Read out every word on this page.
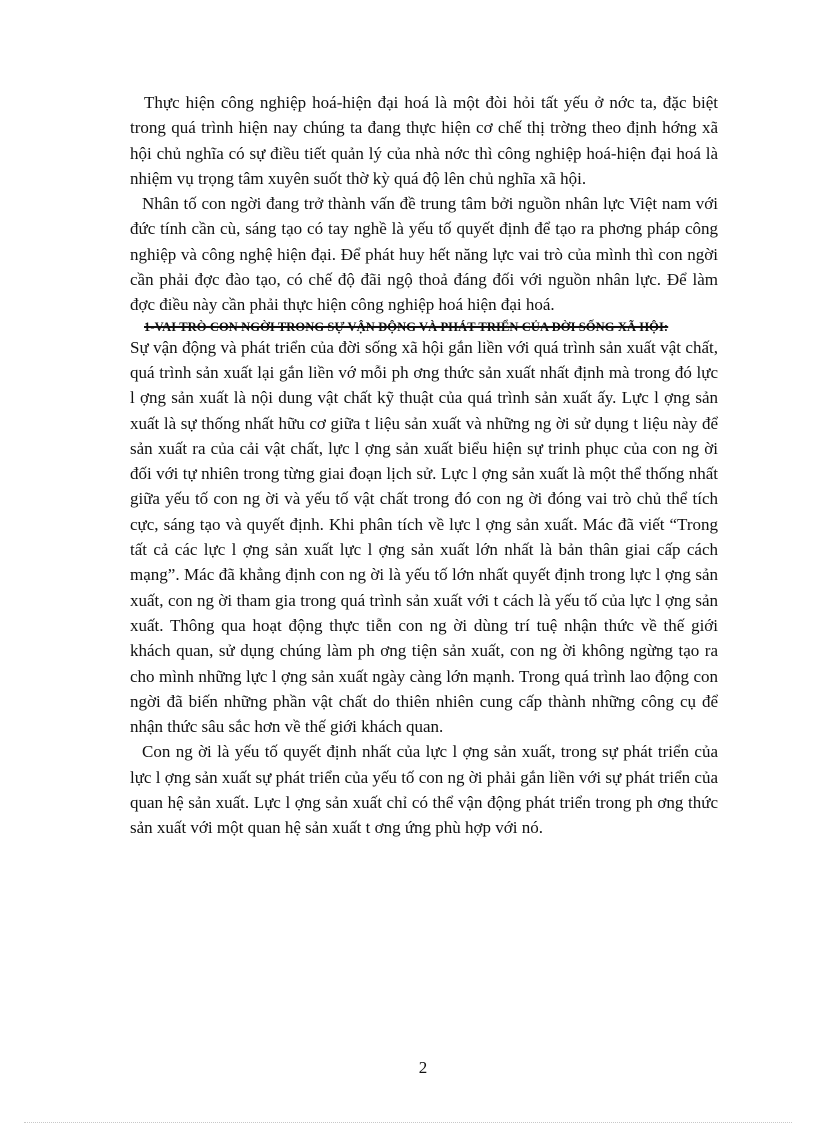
Thực hiện công nghiệp hoá-hiện đại hoá là một đòi hỏi tất yếu ở nớc ta, đặc biệt trong quá trình hiện nay chúng ta đang thực hiện cơ chế thị trờng theo định hớng xã hội chủ nghĩa có sự điều tiết quản lý của nhà nớc thì công nghiệp hoá-hiện đại hoá là nhiệm vụ trọng tâm xuyên suốt thờ kỳ quá độ lên chủ nghĩa xã hội.

Nhân tố con ngời đang trở thành vấn đề trung tâm bởi nguồn nhân lực Việt nam với đức tính cần cù, sáng tạo có tay nghề là yếu tố quyết định để tạo ra phơng pháp công nghiệp và công nghệ hiện đại. Để phát huy hết năng lực vai trò của mình thì con ngời cần phải đợc đào tạo, có chế độ đãi ngộ thoả đáng đối với nguồn nhân lực. Để làm đợc điều này cần phải thực hiện công nghiệp hoá hiện đại hoá.

1-VAI TRÒ CON NGỜI TRONG SỰ VẬN ĐỘNG VÀ PHÁT TRIỂN CỦA ĐỜI SỐNG XÃ HỘI:

Sự vận động và phát triển của đời sống xã hội gắn liền với quá trình sản xuất vật chất, quá trình sản xuất lại gắn liền vớ mỗi ph ơng thức sản xuất nhất định mà trong đó lực l ợng sản xuất là nội dung vật chất kỹ thuật của quá trình sản xuất ấy. Lực l ợng sản xuất là sự thống nhất hữu cơ giữa t liệu sản xuất và những ng ời sử dụng t liệu này để sản xuất ra của cải vật chất, lực l ợng sản xuất biểu hiện sự trinh phục của con ng ời đối với tự nhiên trong từng giai đoạn lịch sử. Lực l ợng sản xuất là một thể thống nhất giữa yếu tố con ng ời và yếu tố vật chất trong đó con ng ời đóng vai trò chủ thể tích cực, sáng tạo và quyết định. Khi phân tích về lực l ợng sản xuất. Mác đã viết “Trong tất cả các lực l ợng sản xuất lực l ợng sản xuất lớn nhất là bản thân giai cấp cách mạng”. Mác đã khẳng định con ng ời là yếu tố lớn nhất quyết định trong lực l ợng sản xuất, con ng ời tham gia trong quá trình sản xuất với t cách là yếu tố của lực l ợng sản xuất. Thông qua hoạt động thực tiễn con ng ời dùng trí tuệ nhận thức về thế giới khách quan, sử dụng chúng làm ph ơng tiện sản xuất, con ng ời không ngừng tạo ra cho mình những lực l ợng sản xuất ngày càng lớn mạnh. Trong quá trình lao động con ngời đã biến những phần vật chất do thiên nhiên cung cấp thành những công cụ để nhận thức sâu sắc hơn về thế giới khách quan.

Con ng ời là yếu tố quyết định nhất của lực l ợng sản xuất, trong sự phát triển của lực l ợng sản xuất sự phát triển của yếu tố con ng ời phải gắn liền với sự phát triển của quan hệ sản xuất. Lực l ợng sản xuất chỉ có thể vận động phát triển trong ph ơng thức sản xuất với một quan hệ sản xuất t ơng ứng phù hợp với nó.

2
